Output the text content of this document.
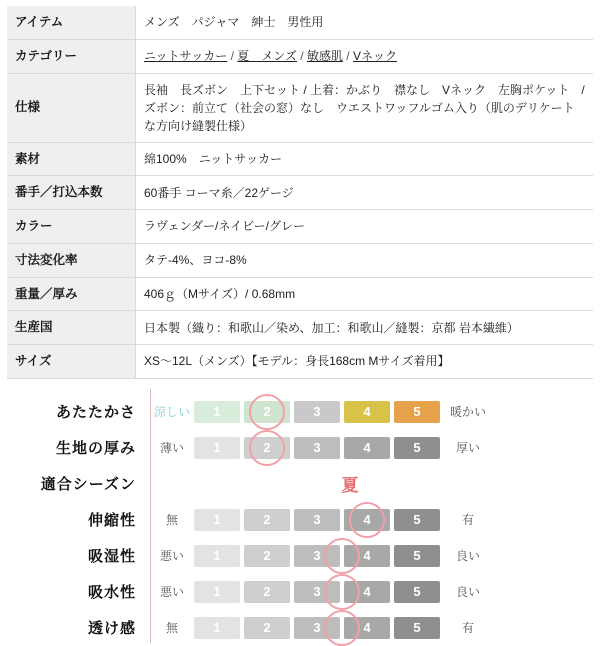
アイテム	メンズ　パジャマ　紳士　男性用
カテゴリー	ニットサッカー / 夏　メンズ / 敏感肌 / Vネック
仕様	長袖　長ズボン　上下セット / 上着：かぶり　襟なし　Vネック　左胸ポケット　/ ズボン：前立て（社会の窓）なし　ウエストワッフルゴム入り（肌のデリケートな方向け縫製仕様）
素材	綿100%　ニットサッカー
番手／打込本数	60番手 コーマ糸／22ゲージ
カラー	ラヴェンダー/ネイビー/グレー
寸法変化率	タテ-4%、ヨコ-8%
重量／厚み	406ｇ（Mサイズ）/ 0.68mm
生産国	日本製（織り：和歌山／染め、加工：和歌山／縫製：京都 岩本繊維）
サイズ	XS〜12L（メンズ）【モデル：身長168cm Mサイズ着用】
あたたかさ	涼しい	1	2	3	4	5	暖かい
生地の厚み	薄い	1	2	3	4	5	厚い
適合シーズン	夏
伸縮性	無	1	2	3	4	5	有
吸湿性	悪い	1	2	3	4	5	良い
吸水性	悪い	1	2	3	4	5	良い
透け感	無	1	2	3	4	5	有
